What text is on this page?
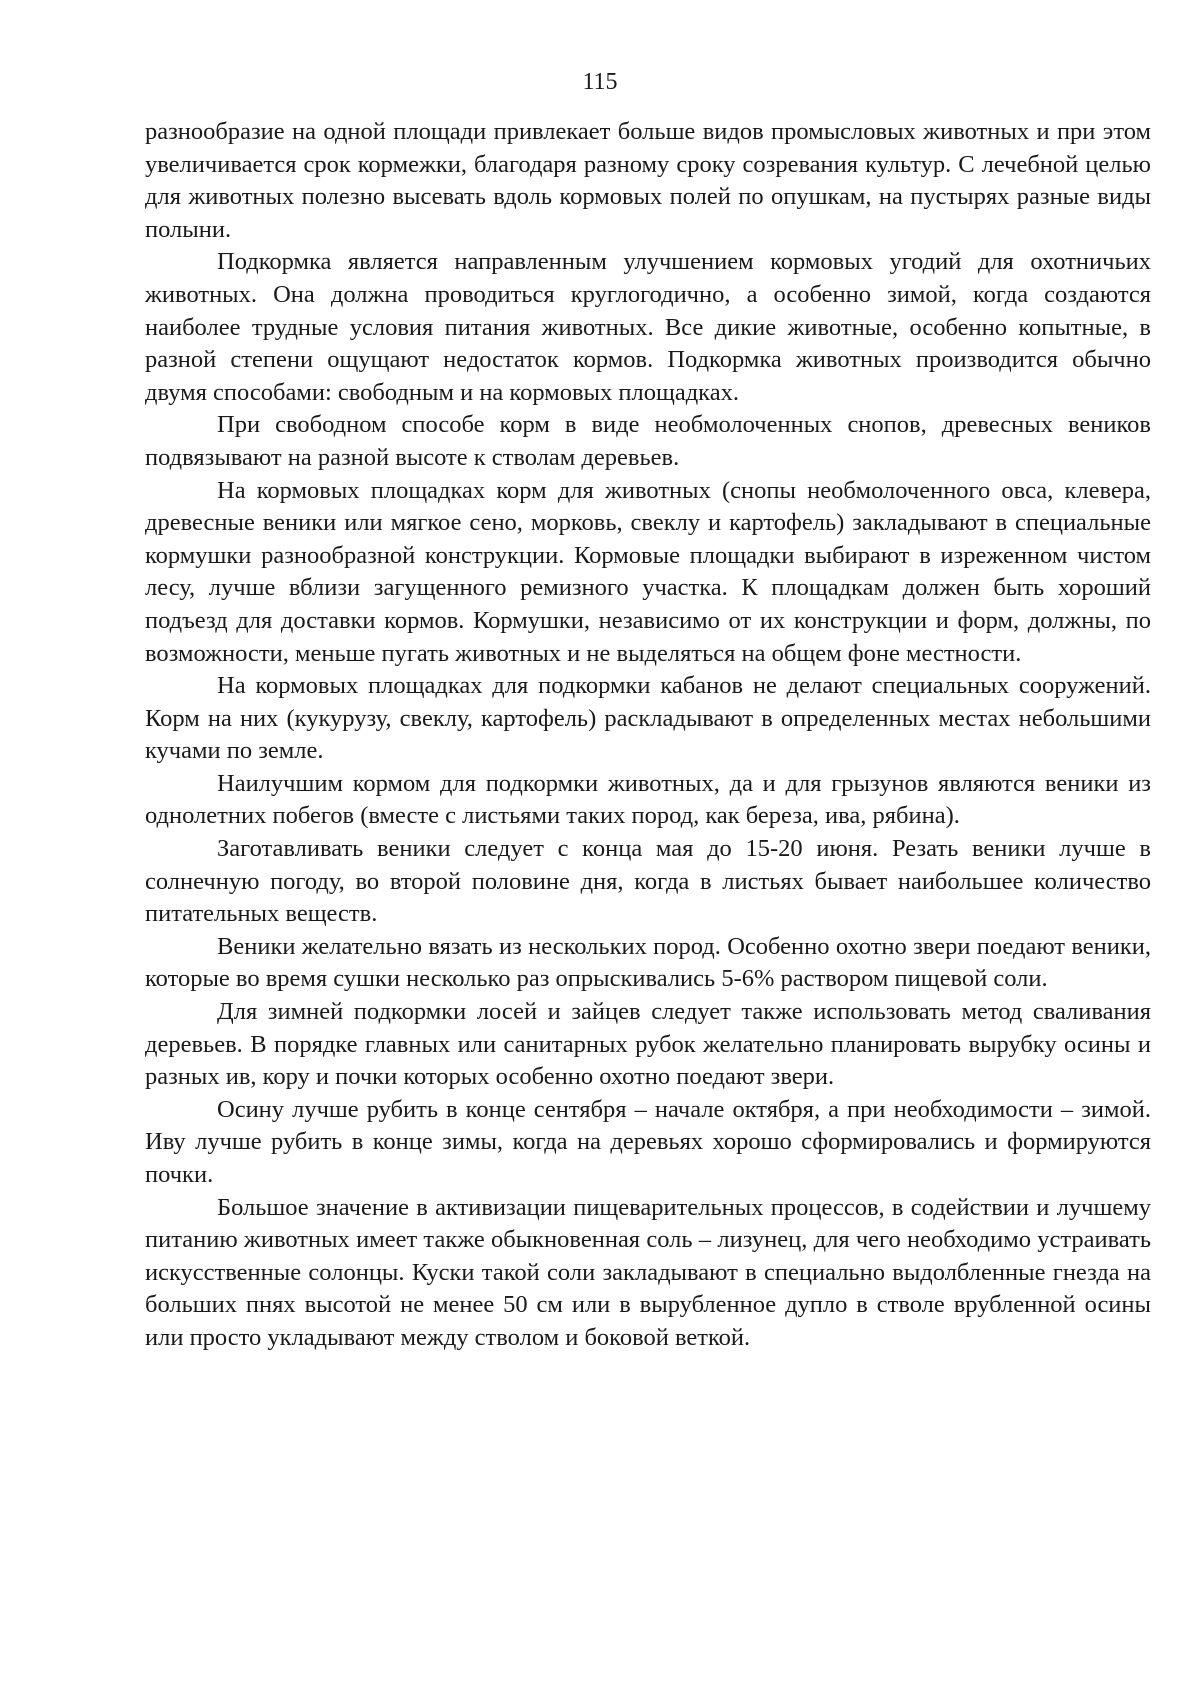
115

разнообразие на одной площади привлекает больше видов промысловых животных и при этом увеличивается срок кормежки, благодаря разному сроку созревания культур. С лечебной целью для животных полезно высевать вдоль кормовых полей по опушкам, на пустырях разные виды полыни.

Подкормка является направленным улучшением кормовых угодий для охотничьих животных. Она должна проводиться круглогодично, а особенно зимой, когда создаются наиболее трудные условия питания животных. Все дикие животные, особенно копытные, в разной степени ощущают недостаток кормов. Подкормка животных производится обычно двумя способами: свободным и на кормовых площадках.

При свободном способе корм в виде необмолоченных снопов, древесных веников подвязывают на разной высоте к стволам деревьев.

На кормовых площадках корм для животных (снопы необмолоченного овса, клевера, древесные веники или мягкое сено, морковь, свеклу и картофель) закладывают в специальные кормушки разнообразной конструкции. Кормовые площадки выбирают в изреженном чистом лесу, лучше вблизи загущенного ремизного участка. К площадкам должен быть хороший подъезд для доставки кормов. Кормушки, независимо от их конструкции и форм, должны, по возможности, меньше пугать животных и не выделяться на общем фоне местности.

На кормовых площадках для подкормки кабанов не делают специальных сооружений. Корм на них (кукурузу, свеклу, картофель) раскладывают в определенных местах небольшими кучами по земле.

Наилучшим кормом для подкормки животных, да и для грызунов являются веники из однолетних побегов (вместе с листьями таких пород, как береза, ива, рябина).

Заготавливать веники следует с конца мая до 15-20 июня. Резать веники лучше в солнечную погоду, во второй половине дня, когда в листьях бывает наибольшее количество питательных веществ.

Веники желательно вязать из нескольких пород. Особенно охотно звери поедают веники, которые во время сушки несколько раз опрыскивались 5-6% раствором пищевой соли.

Для зимней подкормки лосей и зайцев следует также использовать метод сваливания деревьев. В порядке главных или санитарных рубок желательно планировать вырубку осины и разных ив, кору и почки которых особенно охотно поедают звери.

Осину лучше рубить в конце сентября – начале октября, а при необходимости – зимой. Иву лучше рубить в конце зимы, когда на деревьях хорошо сформировались и формируются почки.

Большое значение в активизации пищеварительных процессов, в содействии и лучшему питанию животных имеет также обыкновенная соль – лизунец, для чего необходимо устраивать искусственные солонцы. Куски такой соли закладывают в специально выдолбленные гнезда на больших пнях высотой не менее 50 см или в вырубленное дупло в стволе врубленной осины или просто укладывают между стволом и боковой веткой.
